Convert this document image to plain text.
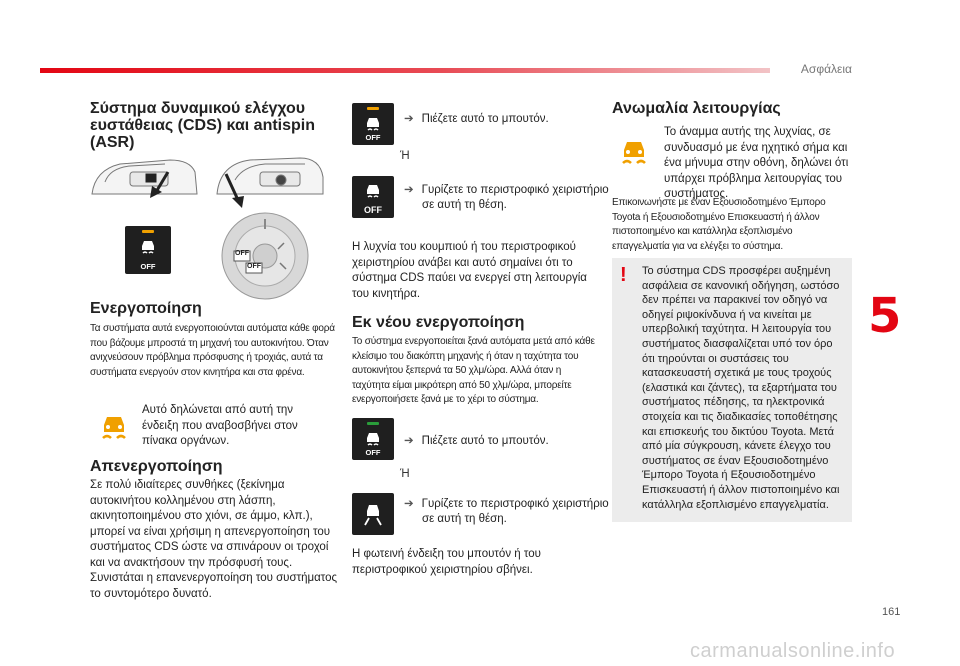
Ασφάλεια
5
161
carmanualsonline.info
Σύστημα δυναμικού ελέγχου ευστάθειας (CDS) και antispin (ASR)
OFF
OFF
OFF
Ενεργοποίηση
Τα συστήματα αυτά ενεργοποιούνται αυτόματα κάθε φορά που βάζουμε μπροστά τη μηχανή του αυτοκινήτου. Όταν ανιχνεύσουν πρόβλημα πρόσφυσης ή τροχιάς, αυτά τα συστήματα ενεργούν στον κινητήρα και στα φρένα.
Αυτό δηλώνεται από αυτή την ένδειξη που αναβοσβήνει στον πίνακα οργάνων.
Απενεργοποίηση
Σε πολύ ιδιαίτερες συνθήκες (ξεκίνημα αυτοκινήτου κολλημένου στη λάσπη, ακινητοποιημένου στο χιόνι, σε άμμο, κλπ.), μπορεί να είναι χρήσιμη η απενεργοποίηση του συστήματος CDS ώστε να σπινάρουν οι τροχοί και να ανακτήσουν την πρόσφυσή τους. Συνιστάται η επανενεργοποίηση του συστήματος το συντομότερο δυνατό.
OFF
➔ Πιέζετε αυτό το μπουτόν.
Ή
OFF
➔ Γυρίζετε το περιστροφικό χειριστήριο σε αυτή τη θέση.
Η λυχνία του κουμπιού ή του περιστροφικού χειριστηρίου ανάβει και αυτό σημαίνει ότι το σύστημα CDS παύει να ενεργεί στη λειτουργία του κινητήρα.
Εκ νέου ενεργοποίηση
Το σύστημα ενεργοποιείται ξανά αυτόματα μετά από κάθε κλείσιμο του διακόπτη μηχανής ή όταν η ταχύτητα του αυτοκινήτου ξεπερνά τα 50 χλμ/ώρα. Αλλά όταν η ταχύτητα είμαι μικρότερη από 50 χλμ/ώρα, μπορείτε ενεργοποιήσετε ξανά με το χέρι το σύστημα.
OFF
➔ Πιέζετε αυτό το μπουτόν.
Ή
➔ Γυρίζετε το περιστροφικό χειριστήριο σε αυτή τη θέση.
Η φωτεινή ένδειξη του μπουτόν ή του περιστροφικού χειριστηρίου σβήνει.
Ανωμαλία λειτουργίας
Το άναμμα αυτής της λυχνίας, σε συνδυασμό με ένα ηχητικό σήμα και ένα μήνυμα στην οθόνη, δηλώνει ότι υπάρχει πρόβλημα λειτουργίας του συστήματος.
Επικοινωνήστε με έναν Εξουσιοδοτημένο Έμπορο Toyota ή Εξουσιοδοτημένο Επισκευαστή ή άλλον πιστοποιημένο και κατάλληλα εξοπλισμένο επαγγελματία για να ελέγξει το σύστημα.
! Το σύστημα CDS προσφέρει αυξημένη ασφάλεια σε κανονική οδήγηση, ωστόσο δεν πρέπει να παρακινεί τον οδηγό να οδηγεί ριψοκίνδυνα ή να κινείται με υπερβολική ταχύτητα. Η λειτουργία του συστήματος διασφαλίζεται υπό τον όρο ότι τηρούνται οι συστάσεις του κατασκευαστή σχετικά με τους τροχούς (ελαστικά και ζάντες), τα εξαρτήματα του συστήματος πέδησης, τα ηλεκτρονικά στοιχεία και τις διαδικασίες τοποθέτησης και επισκευής του δικτύου Toyota. Μετά από μία σύγκρουση, κάνετε έλεγχο του συστήματος σε έναν Εξουσιοδοτημένο Έμπορο Toyota ή Εξουσιοδοτημένο Επισκευαστή ή άλλον πιστοποιημένο και κατάλληλα εξοπλισμένο επαγγελματία.
